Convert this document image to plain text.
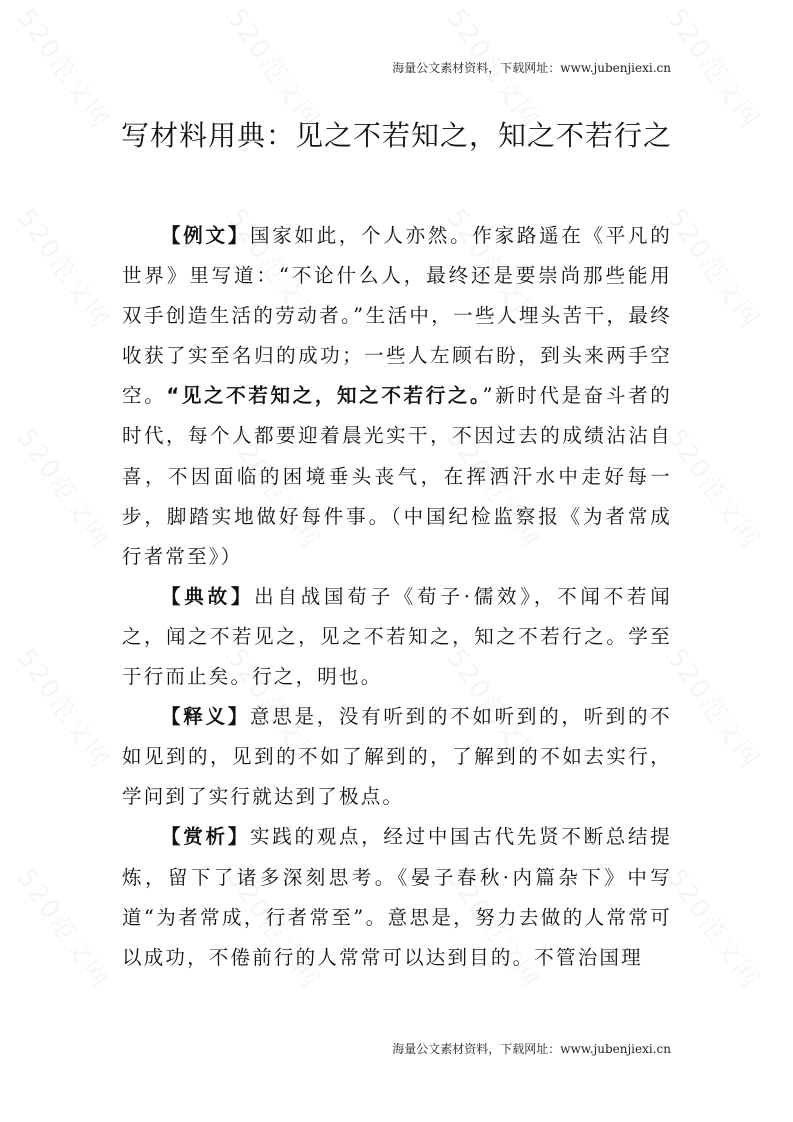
海量公文素材资料，下载网址：www.jubenjiexi.cn
写材料用典：见之不若知之，知之不若行之

【例文】国家如此，个人亦然。作家路遥在《平凡的世界》里写道：“不论什么人，最终还是要崇尚那些能用双手创造生活的劳动者。”生活中，一些人埋头苦干，最终收获了实至名归的成功；一些人左顾右盼，到头来两手空空。“见之不若知之，知之不若行之。”新时代是奋斗者的时代，每个人都要迎着晨光实干，不因过去的成绩沾沾自喜，不因面临的困境垂头丧气，在挥洒汗水中走好每一步，脚踏实地做好每件事。（中国纪检监察报《为者常成行者常至》）

【典故】出自战国荀子《荀子·儒效》，不闻不若闻之，闻之不若见之，见之不若知之，知之不若行之。学至于行而止矣。行之，明也。

【释义】意思是，没有听到的不如听到的，听到的不如见到的，见到的不如了解到的，了解到的不如去实行，学问到了实行就达到了极点。

【赏析】实践的观点，经过中国古代先贤不断总结提炼，留下了诸多深刻思考。《晏子春秋·内篇杂下》中写道“为者常成，行者常至”。意思是，努力去做的人常常可以成功，不倦前行的人常常可以达到目的。不管治国理

海量公文素材资料，下载网址：www.jubenjiexi.cn
